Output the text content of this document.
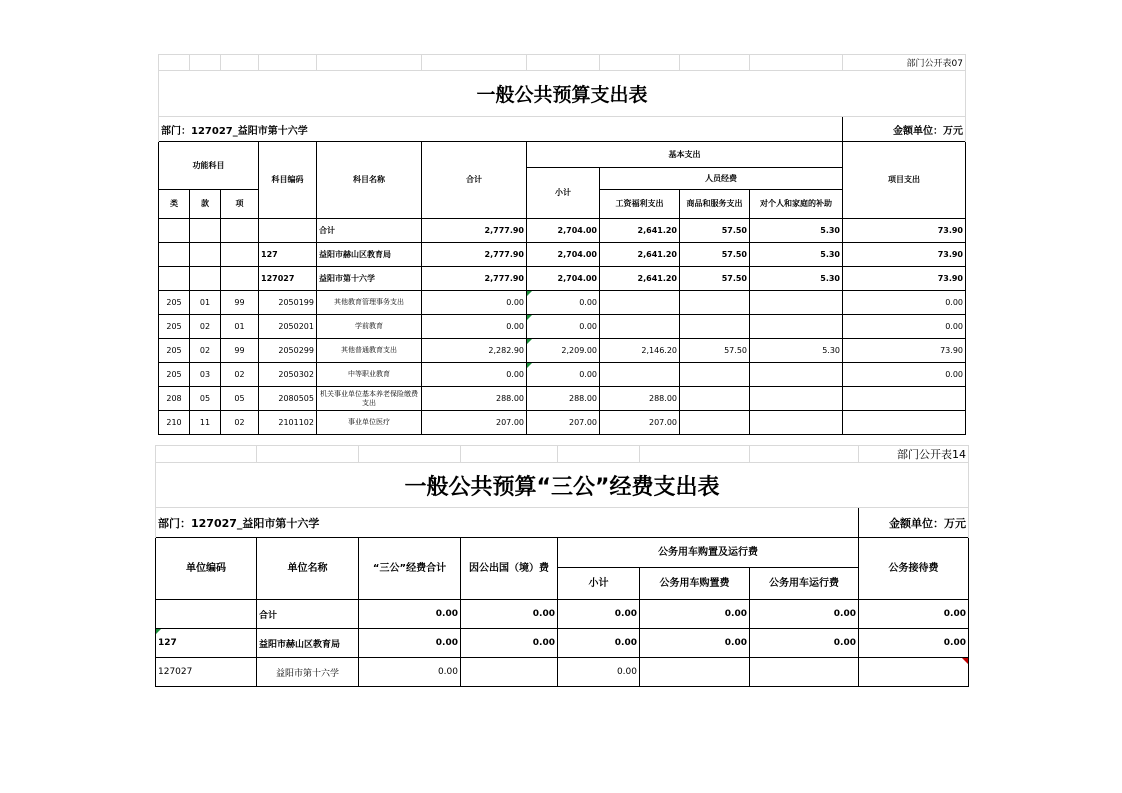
										部门公开表07
一般公共预算支出表										
部门：127027_益阳市第十六学										金额单位：万元
功能科目			科目编码	科目名称	合计	基本支出				项目支出
						小计	人员经费			
类	款	项					工资福利支出	商品和服务支出	对个人和家庭的补助	
				合计	2,777.90	2,704.00	2,641.20	57.50	5.30	73.90
			127	益阳市赫山区教育局	2,777.90	2,704.00	2,641.20	57.50	5.30	73.90
			127027	益阳市第十六学	2,777.90	2,704.00	2,641.20	57.50	5.30	73.90
205	01	99	2050199	其他教育管理事务支出	0.00	0.00				0.00
205	02	01	2050201	学前教育	0.00	0.00				0.00
205	02	99	2050299	其他普通教育支出	2,282.90	2,209.00	2,146.20	57.50	5.30	73.90
205	03	02	2050302	中等职业教育	0.00	0.00				0.00
208	05	05	2080505	机关事业单位基本养老保险缴费支出	288.00	288.00	288.00			
210	11	02	2101102	事业单位医疗	207.00	207.00	207.00			
							部门公开表14
一般公共预算“三公”经费支出表							
部门：127027_益阳市第十六学							金额单位：万元
单位编码	单位名称	“三公”经费合计	因公出国（境）费	公务用车购置及运行费			公务接待费
				小计	公务用车购置费	公务用车运行费	
	合计	0.00	0.00	0.00	0.00	0.00	0.00
127	益阳市赫山区教育局	0.00	0.00	0.00	0.00	0.00	0.00
127027	益阳市第十六学	0.00		0.00			
